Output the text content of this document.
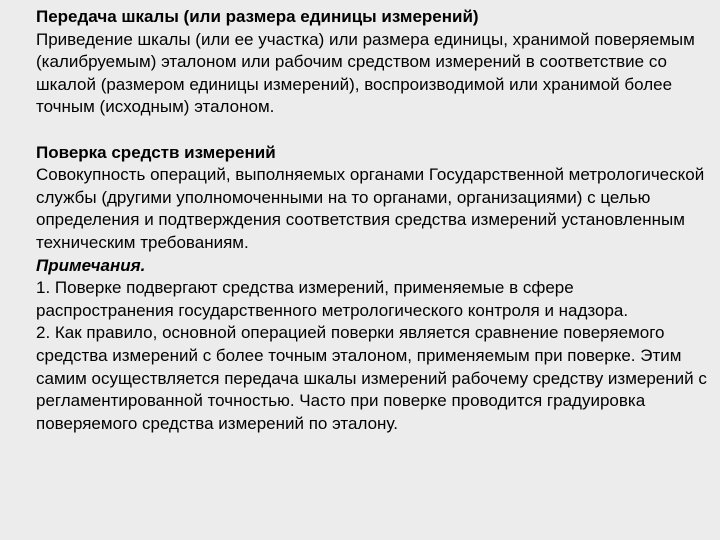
Передача шкалы (или размера единицы измерений)

Приведение шкалы (или ее участка) или размера единицы, хранимой поверяемым (калибруемым) эталоном или рабочим средством измерений в соответствие со шкалой (размером единицы измерений), воспроизводимой или хранимой более точным (исходным) эталоном.

Поверка средств измерений

Совокупность операций, выполняемых органами Государственной метрологической службы (другими уполномоченными на то органами, организациями) с целью определения и подтверждения соответствия средства измерений установленным техническим требованиям.

Примечания.

1. Поверке подвергают средства измерений, применяемые в сфере распространения государственного метрологического контроля и надзора.

2. Как правило, основной операцией поверки является сравнение поверяемого средства измерений с более точным эталоном, применяемым при поверке. Этим самим осуществляется передача шкалы измерений рабочему средству измерений с регламентированной точностью. Часто при поверке проводится градуировка поверяемого средства измерений по эталону.
